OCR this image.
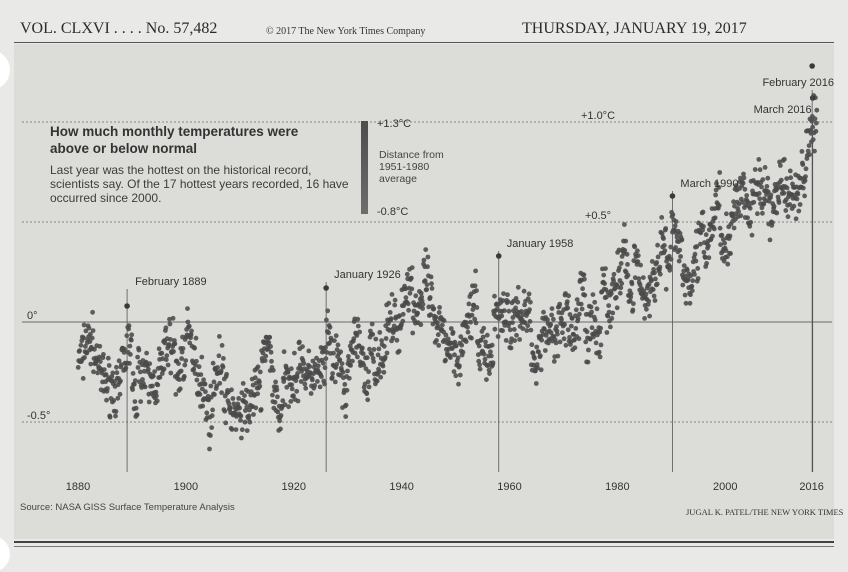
VOL. CLXVI . . . . No. 57,482	© 2017 The New York Times Company	THURSDAY, JANUARY 19, 2017
-0.5°
0°
+0.5°
+1.0°C
1880	1900	1920	1940	1960	1980	2000	2016
February 1889
January 1926
January 1958
March 1990
March 2016
February 2016
How much monthly temperatures were above or below normal
Last year was the hottest on the historical record, scientists say. Of the 17 hottest years recorded, 16 have occurred since 2000.
+1.3°C
Distance from 1951-1980 average
-0.8°C
Source: NASA GISS Surface Temperature Analysis	JUGAL K. PATEL/THE NEW YORK TIMES
